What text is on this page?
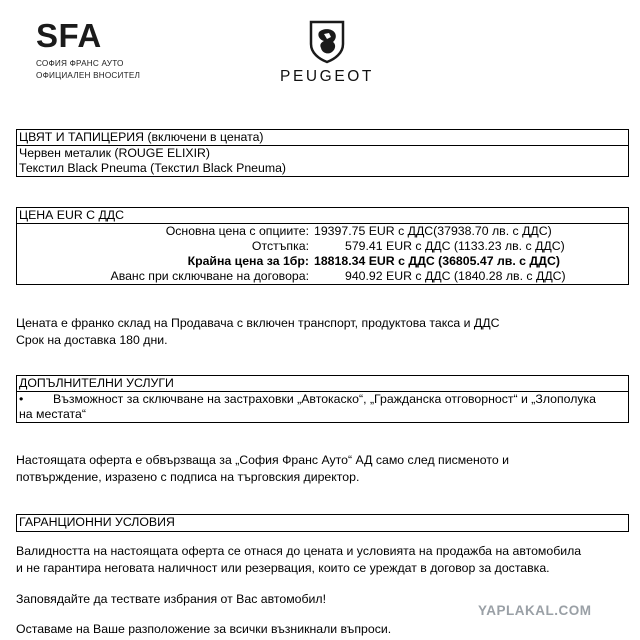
SFA
СОФИЯ ФРАНС АУТО
ОФИЦИАЛЕН ВНОСИТЕЛ	PEUGEOT
ЦВЯТ И ТАПИЦЕРИЯ (включени в цената)
Червен металик (ROUGE ELIXIR)
Текстил Black Pneuma (Текстил Black Pneuma)
ЦЕНА EUR С ДДС
Основна цена с опциите: 19397.75 EUR с ДДС(37938.70 лв. с ДДС)
Отстъпка:	579.41 EUR с ДДС (1133.23 лв. с ДДС)
Крайна цена за 1бр: 18818.34 EUR с ДДС (36805.47 лв. с ДДС)
Аванс при сключване на договора:	940.92 EUR с ДДС (1840.28 лв. с ДДС)
Цената е франко склад на Продавача с включен транспорт, продуктова такса и ДДС
Срок на доставка 180 дни.
ДОПЪЛНИТЕЛНИ УСЛУГИ
• Възможност за сключване на застраховки „Автокаско“, „Гражданска отговорност“ и „Злополука
на местата“
Настоящата оферта е обвързваща за „София Франс Ауто“ АД само след писменото и
потвърждение, изразено с подписа на търговския директор.
ГАРАНЦИОННИ УСЛОВИЯ
Валидността на настоящата оферта се отнася до цената и условията на продажба на автомобила
и не гарантира неговата наличност или резервация, които се уреждат в договор за доставка.
Заповядайте да тествате избрания от Вас автомобил!
YAPLAKAL.COM
Оставаме на Ваше разположение за всички възникнали въпроси.
